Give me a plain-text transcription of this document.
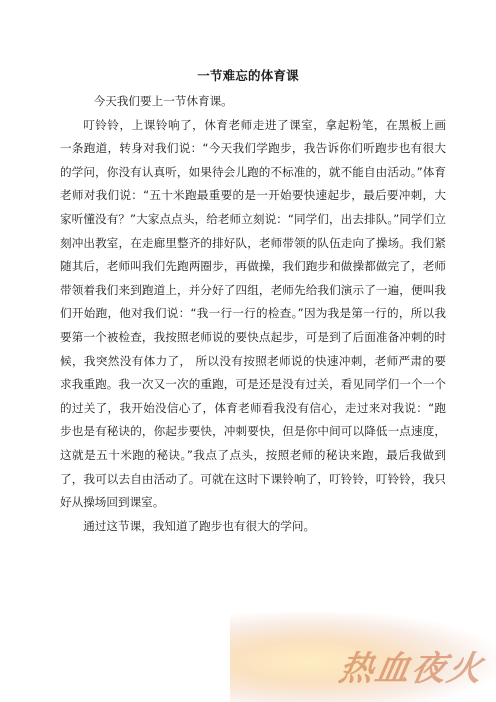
一节难忘的体育课

今天我们要上一节休育课。

叮铃铃，上课铃响了，休育老师走进了课室，拿起粉笔，在黑板上画 一条跑道，转身对我们说：“今天我们学跑步，我告诉你们听跑步也有很大的学问，你没有认真听，如果待会儿跑的不标准的，就不能自由活动。”体育老师对我们说：“五十米跑最重要的是一开始要快速起步，最后要冲刺，大家听懂没有？”大家点点头，给老师立刻说：“同学们，出去排队。”同学们立刻冲出教室，在走廊里整齐的排好队，老师带领的队伍走向了操场。我们紧随其后，老师叫我们先跑两圈步，再做操，我们跑步和做操都做完了，老师带领着我们来到跑道上，并分好了四组，老师先给我们演示了一遍，便叫我们开始跑，他对我们说：“我一行一行的检查。”因为我是第一行的，所以我要第一个被检查，我按照老师说的要快点起步，可是到了后面准备冲刺的时候，我突然没有体力了， 所以没有按照老师说的快速冲刺，老师严肃的要求我重跑。我一次又一次的重跑，可是还是没有过关，看见同学们一个一个的过关了，我开始没信心了，体育老师看我没有信心，走过来对我说：“跑步也是有秘诀的，你起步要快，冲刺要快，但是你中间可以降低一点速度，这就是五十米跑的秘诀。”我点了点头，按照老师的秘诀来跑，最后我做到了，我可以去自由活动了。可就在这时下课铃响了，叮铃铃，叮铃铃，我只好从操场回到课室。

通过这节课，我知道了跑步也有很大的学问。

热血夜火
